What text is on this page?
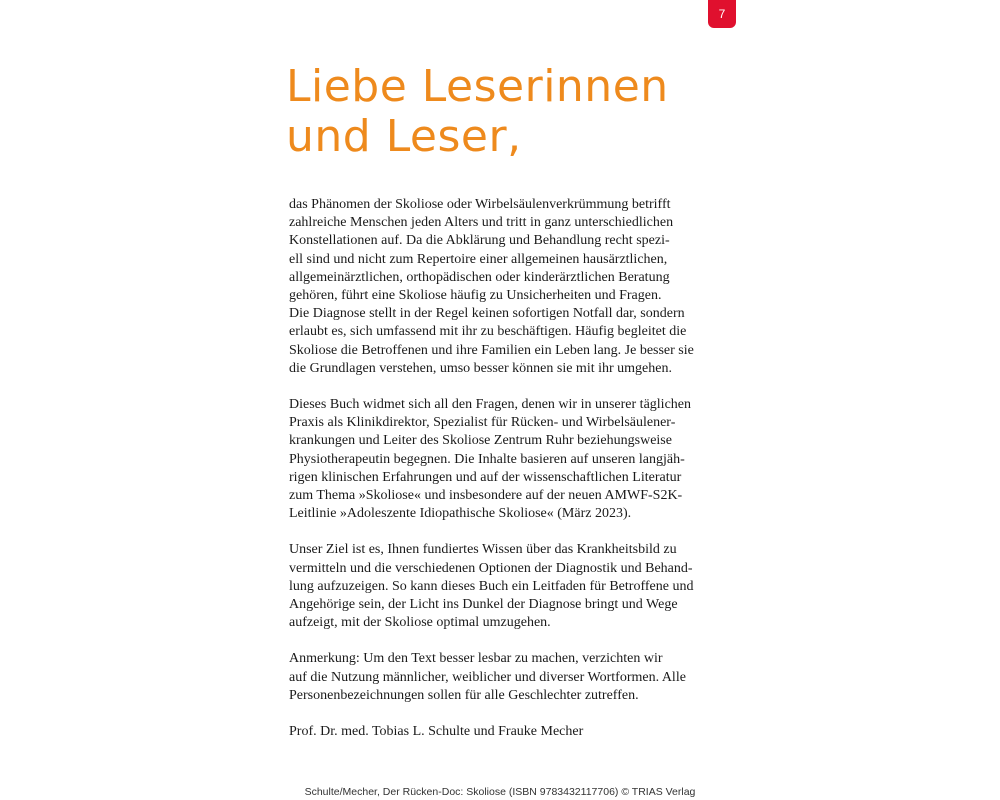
7
Liebe Leserinnen
und Leser,

das Phänomen der Skoliose oder Wirbelsäulenverkrümmung betrifft
zahlreiche Menschen jeden Alters und tritt in ganz unterschiedlichen
Konstellationen auf. Da die Abklärung und Behandlung recht spezi-
ell sind und nicht zum Repertoire einer allgemeinen hausärztlichen,
allgemeinärztlichen, orthopädischen oder kinderärztlichen Beratung
gehören, führt eine Skoliose häufig zu Unsicherheiten und Fragen.
Die Diagnose stellt in der Regel keinen sofortigen Notfall dar, sondern
erlaubt es, sich umfassend mit ihr zu beschäftigen. Häufig begleitet die
Skoliose die Betroffenen und ihre Familien ein Leben lang. Je besser sie
die Grundlagen verstehen, umso besser können sie mit ihr umgehen.

Dieses Buch widmet sich all den Fragen, denen wir in unserer täglichen
Praxis als Klinikdirektor, Spezialist für Rücken- und Wirbelsäulener-
krankungen und Leiter des Skoliose Zentrum Ruhr beziehungsweise
Physiotherapeutin begegnen. Die Inhalte basieren auf unseren langjäh-
rigen klinischen Erfahrungen und auf der wissenschaftlichen Literatur
zum Thema »Skoliose« und insbesondere auf der neuen AMWF-S2K-
Leitlinie »Adoleszente Idiopathische Skoliose« (März 2023).

Unser Ziel ist es, Ihnen fundiertes Wissen über das Krankheitsbild zu
vermitteln und die verschiedenen Optionen der Diagnostik und Behand-
lung aufzuzeigen. So kann dieses Buch ein Leitfaden für Betroffene und
Angehörige sein, der Licht ins Dunkel der Diagnose bringt und Wege
aufzeigt, mit der Skoliose optimal umzugehen.

Anmerkung: Um den Text besser lesbar zu machen, verzichten wir
auf die Nutzung männlicher, weiblicher und diverser Wortformen. Alle
Personenbezeichnungen sollen für alle Geschlechter zutreffen.

Prof. Dr. med. Tobias L. Schulte und Frauke Mecher

Schulte/Mecher, Der Rücken-Doc: Skoliose (ISBN 9783432117706) © TRIAS Verlag
